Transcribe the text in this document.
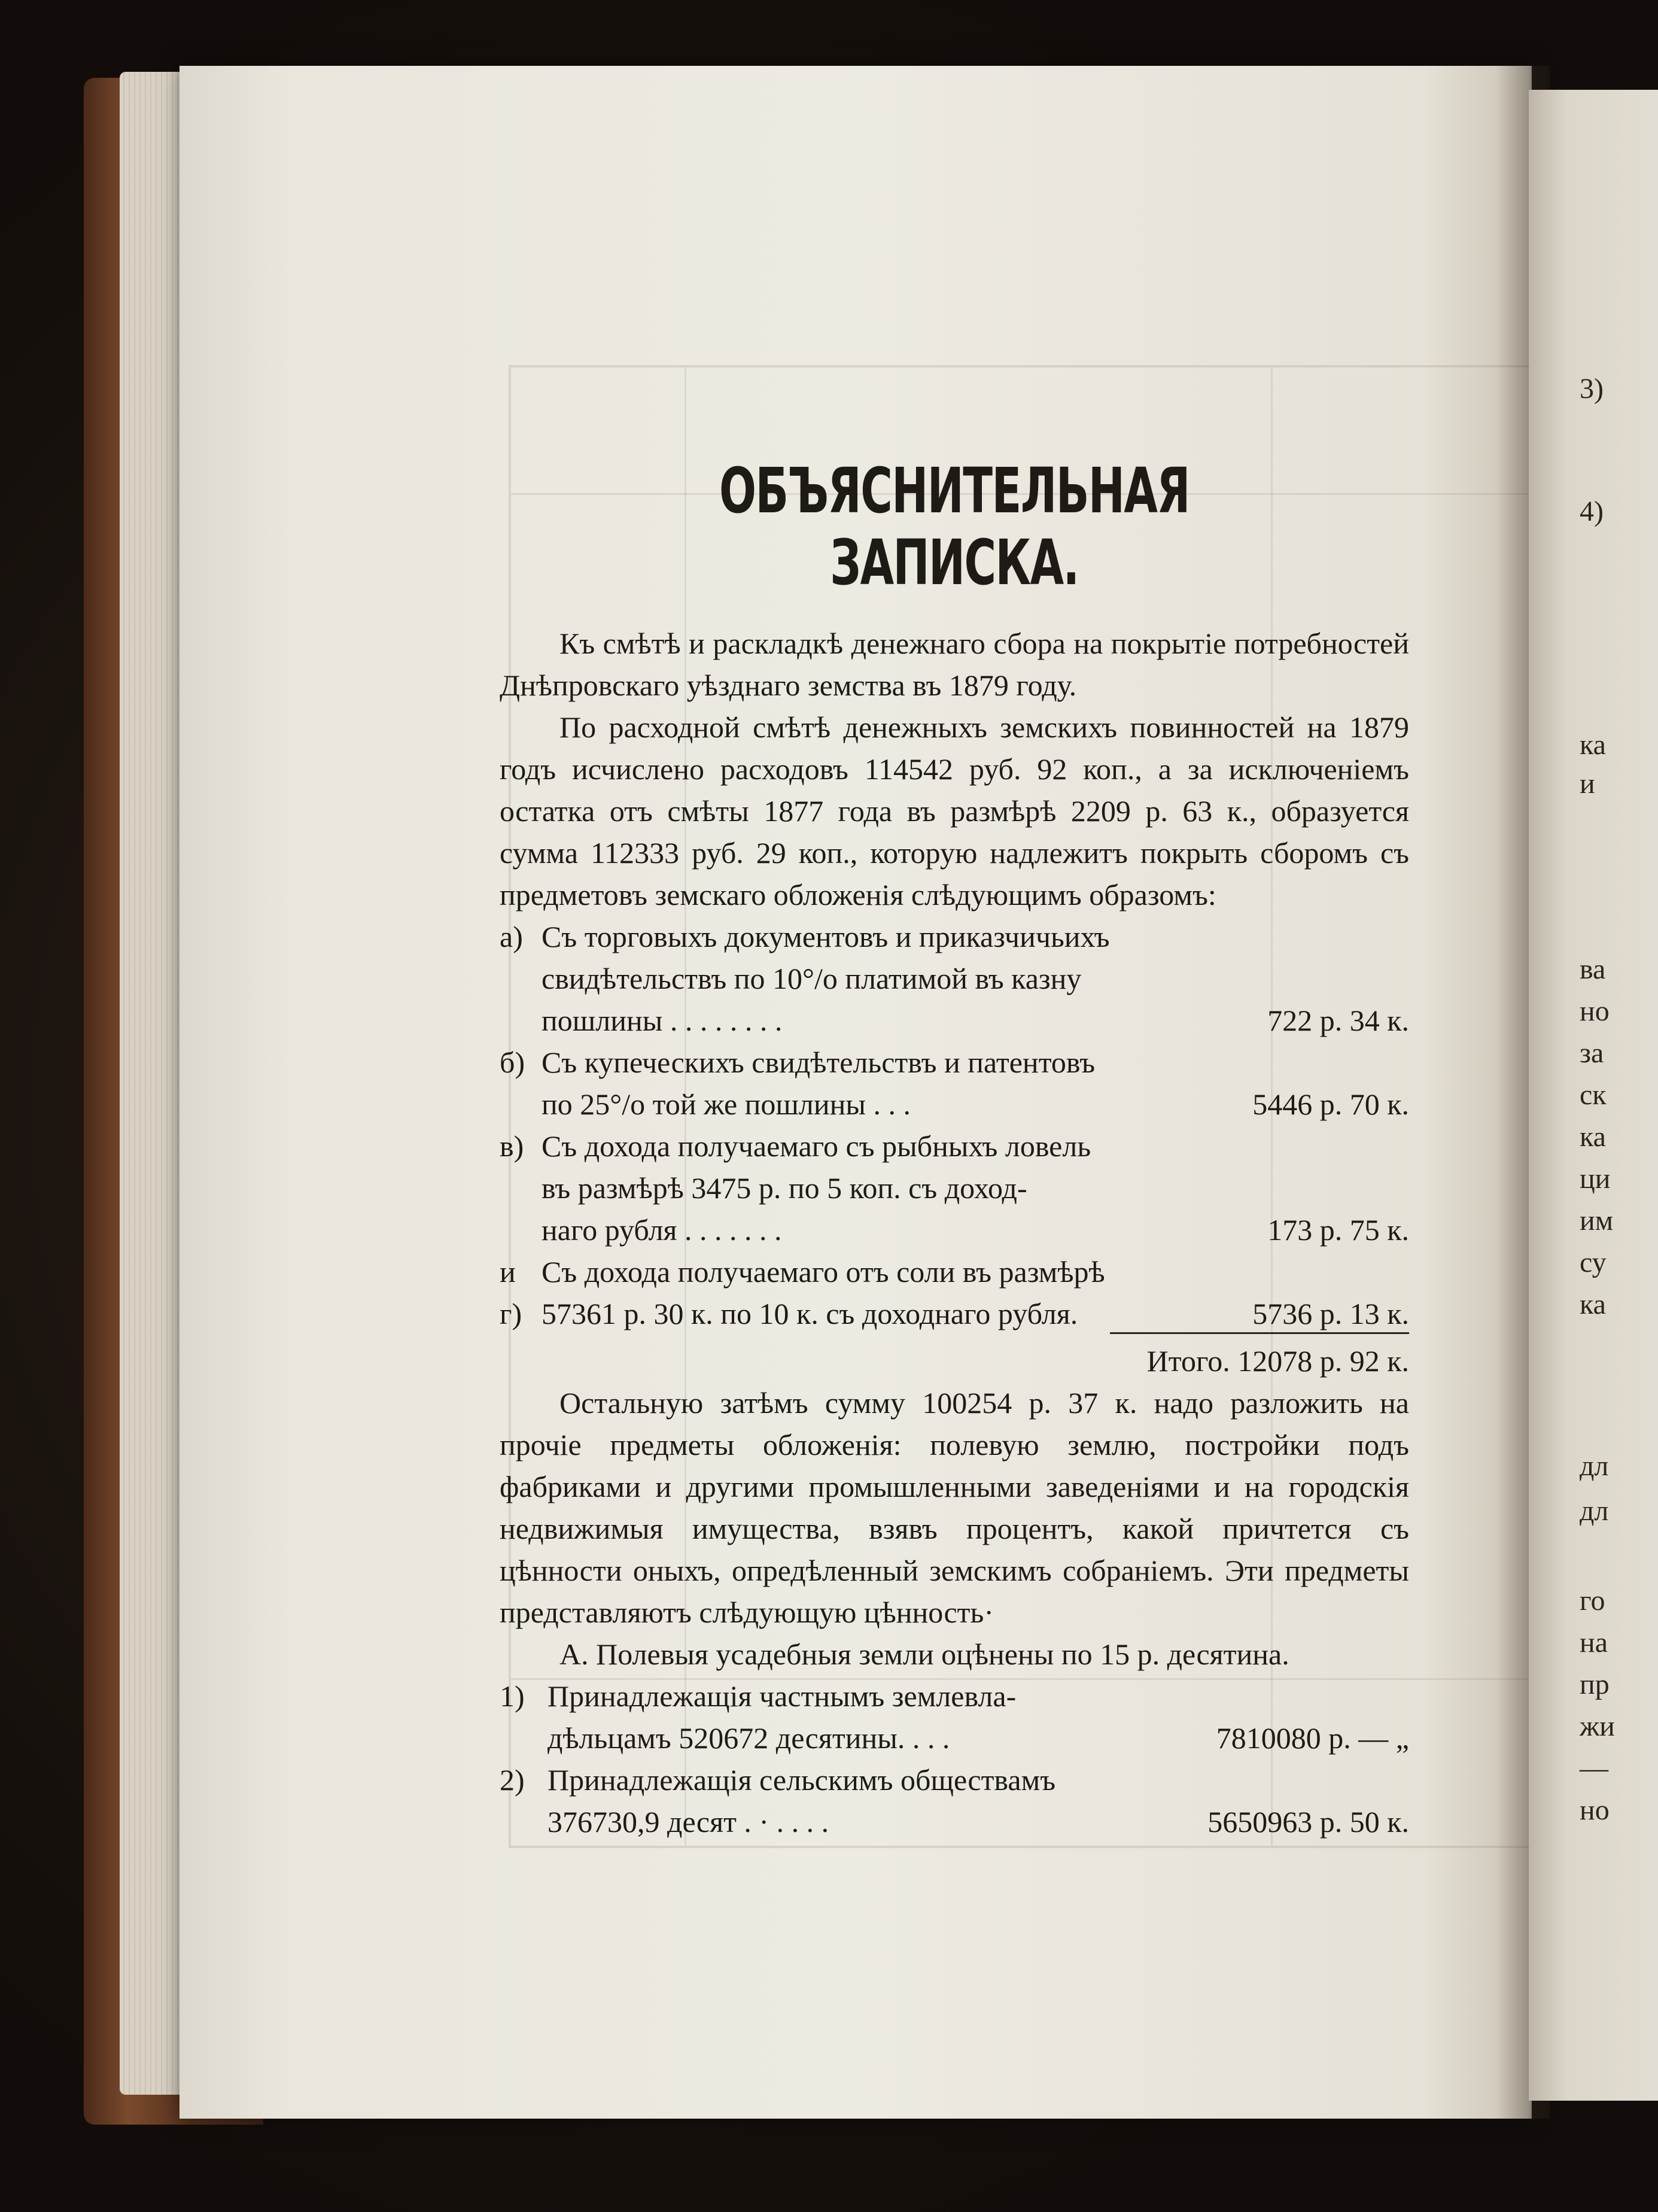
3)
4)
ка
и
ва
но
за
ск
ка
ци
им
су
ка
дл
дл
го
на
пр
жи
—
но
ОБЪЯСНИТЕЛЬНАЯ ЗАПИСКА.

Къ смѣтѣ и раскладкѣ денежнаго сбора на покрытіе потребностей Днѣпровскаго уѣзднаго земства въ 1879 году.

По расходной смѣтѣ денежныхъ земскихъ повинностей на 1879 годъ исчислено расходовъ 114542 руб. 92 коп., а за исключеніемъ остатка отъ смѣты 1877 года въ размѣрѣ 2209 р. 63 к., образуется сумма 112333 руб. 29 коп., которую надлежитъ покрыть сборомъ съ предметовъ земскаго обложенія слѣдующимъ образомъ:

а) Съ торговыхъ документовъ и приказчичьихъ
свидѣтельствъ по 10°/о платимой въ казну
пошлины . . . . . . . .	722 р. 34 к.
б) Съ купеческихъ свидѣтельствъ и патентовъ
по 25°/о той же пошлины . . .	5446 р. 70 к.
в) Съ дохода получаемаго съ рыбныхъ ловель
въ размѣрѣ 3475 р. по 5 коп. съ доход-
наго рубля . . . . . . .	173 р. 75 к.
и г)
Съ дохода получаемаго отъ соли въ размѣрѣ
57361 р. 30 к. по 10 к. съ доходнаго рубля.	5736 р. 13 к.
Итого. 12078 р. 92 к.

Остальную затѣмъ сумму 100254 р. 37 к. надо разложить на прочіе предметы обложенія: полевую землю, постройки подъ фабриками и другими промышленными заведеніями и на городскія недвижимыя имущества, взявъ процентъ, какой причтется съ цѣнности оныхъ, опредѣленный земскимъ собраніемъ. Эти предметы представляютъ слѣдующую цѣнность·

А. Полевыя усадебныя земли оцѣнены по 15 р. десятина.

1) Принадлежащія частнымъ землевла-
дѣльцамъ 520672 десятины. . . .	7810080 р. — „
2) Принадлежащія сельскимъ обществамъ
376730,9 десят . · . . . .	5650963 р. 50 к.
